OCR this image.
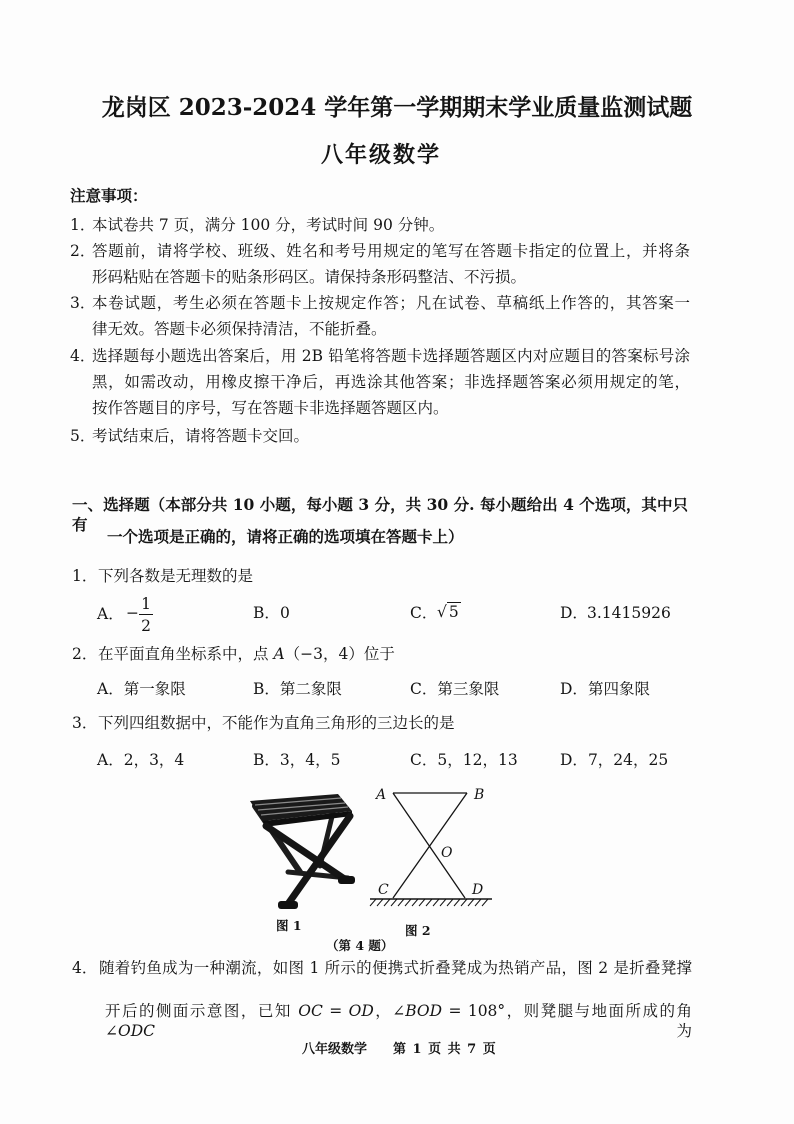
龙岗区 2023-2024 学年第一学期期末学业质量监测试题
八年级数学
注意事项：
1．
本试卷共 7 页，满分 100 分，考试时间 90 分钟。
2．
答题前，请将学校、班级、姓名和考号用规定的笔写在答题卡指定的位置上，并将条
形码粘贴在答题卡的贴条形码区。请保持条形码整洁、不污损。
3．
本卷试题，考生必须在答题卡上按规定作答；凡在试卷、草稿纸上作答的，其答案一
律无效。答题卡必须保持清洁，不能折叠。
4．
选择题每小题选出答案后，用 2B 铅笔将答题卡选择题答题区内对应题目的答案标号涂
黑，如需改动，用橡皮擦干净后，再选涂其他答案；非选择题答案必须用规定的笔，
按作答题目的序号，写在答题卡非选择题答题区内。
5．
考试结束后，请将答题卡交回。
一、选择题（本部分共 10 小题，每小题 3 分，共 30 分. 每小题给出 4 个选项，其中只有
一个选项是正确的，请将正确的选项填在答题卡上）
1． 下列各数是无理数的是
A． − $\frac{1}{2}$	B． 0	C． √ 5	D． 3.1415926
2． 在平面直角坐标系中，点 A（−3，4）位于
A．第一象限	B．第二象限	C．第三象限	D．第四象限
3． 下列四组数据中，不能作为直角三角形的三边长的是
A．2，3，4	B．3，4，5	C．5，12，13	D．7，24，25
图 1
A	B
O
C	D
图 2
（第 4 题）
4． 随着钓鱼成为一种潮流，如图 1 所示的便携式折叠凳成为热销产品，图 2 是折叠凳撑
开后的侧面示意图，已知 OC = OD，∠BOD = 108°，则凳腿与地面所成的角∠ODC 为
八年级数学 第 1 页 共 7 页
